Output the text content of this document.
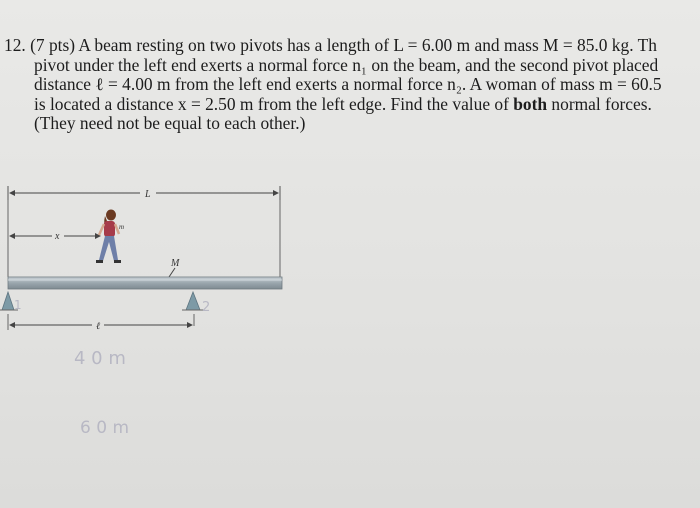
12. (7 pts) A beam resting on two pivots has a length of L = 6.00 m and mass M = 85.0 kg. Th
pivot under the left end exerts a normal force n₁ on the beam, and the second pivot placed
distance ℓ = 4.00 m from the left end exerts a normal force n₂. A woman of mass m = 60.5
is located a distance x = 2.50 m from the left edge. Find the value of both normal forces.
(They need not be equal to each other.)
L
x
m
M
ℓ
1	2
4 0 m
6 0 m
